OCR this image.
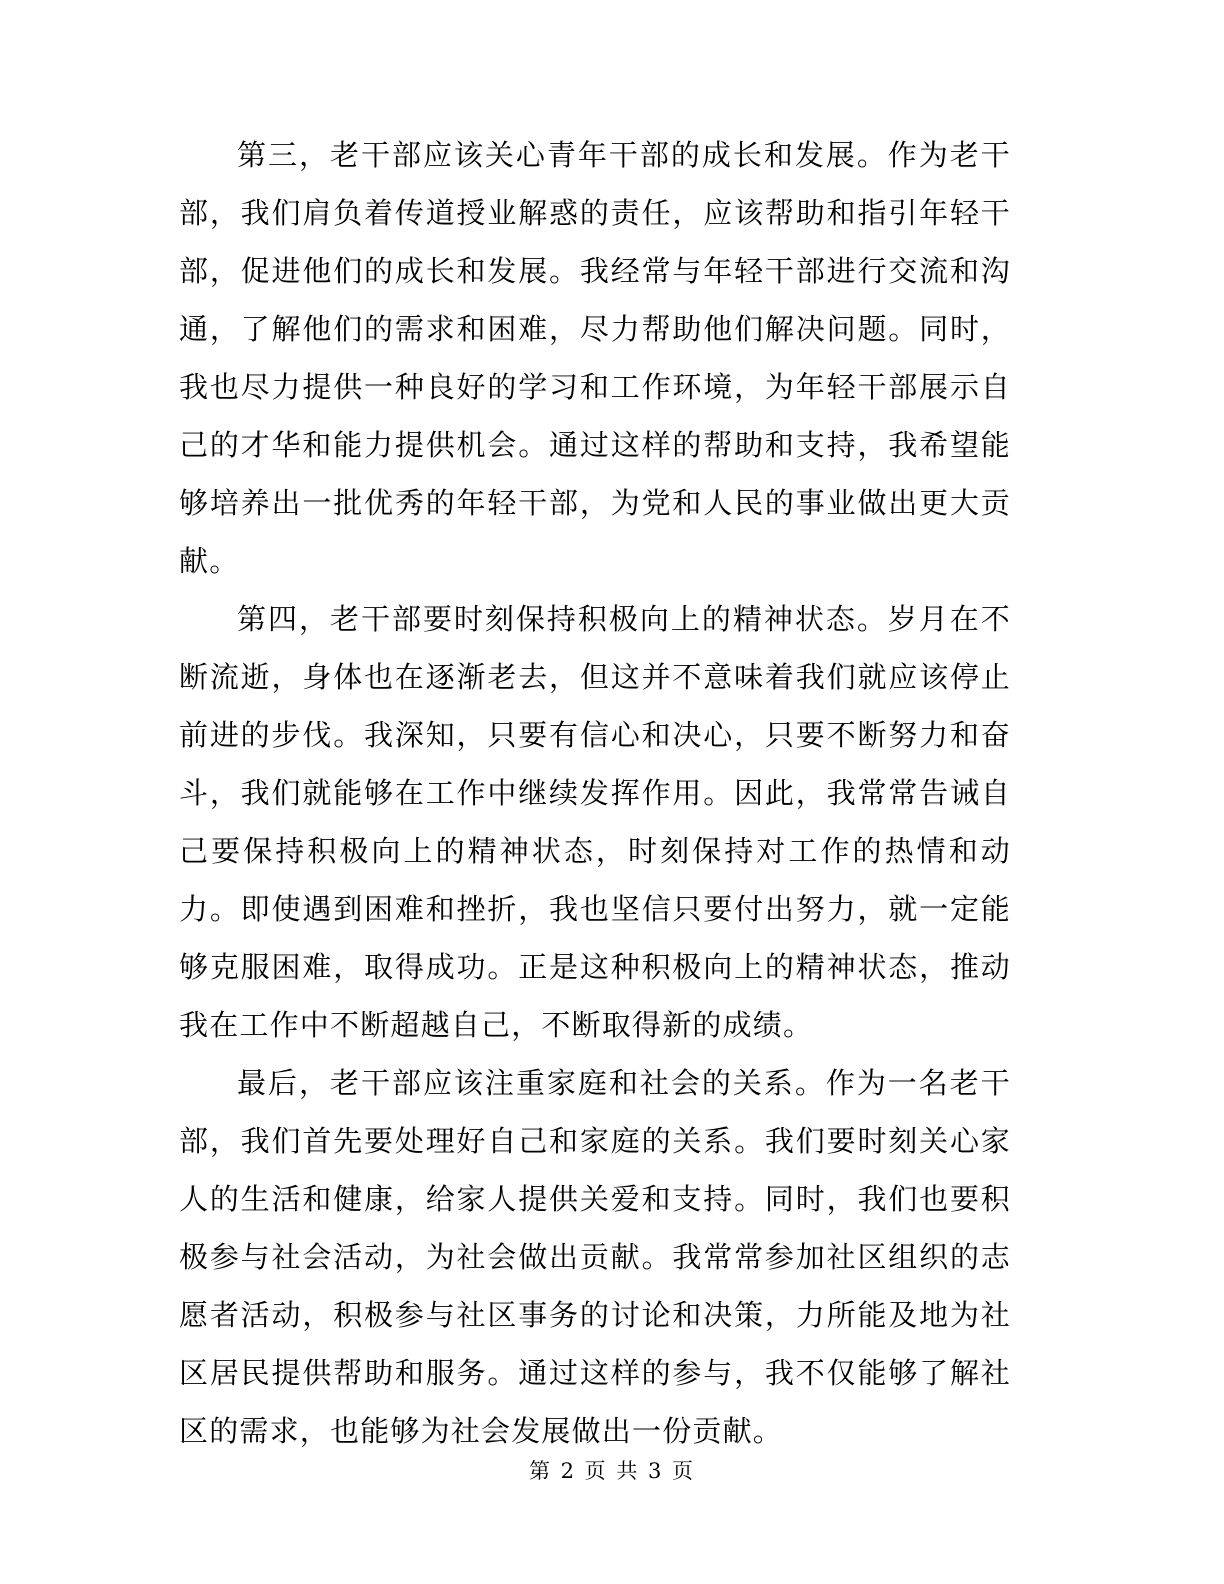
第三，老干部应该关心青年干部的成长和发展。作为老干部，我们肩负着传道授业解惑的责任，应该帮助和指引年轻干部，促进他们的成长和发展。我经常与年轻干部进行交流和沟通，了解他们的需求和困难，尽力帮助他们解决问题。同时，我也尽力提供一种良好的学习和工作环境，为年轻干部展示自己的才华和能力提供机会。通过这样的帮助和支持，我希望能够培养出一批优秀的年轻干部，为党和人民的事业做出更大贡献。

第四，老干部要时刻保持积极向上的精神状态。岁月在不断流逝，身体也在逐渐老去，但这并不意味着我们就应该停止前进的步伐。我深知，只要有信心和决心，只要不断努力和奋斗，我们就能够在工作中继续发挥作用。因此，我常常告诫自己要保持积极向上的精神状态，时刻保持对工作的热情和动力。即使遇到困难和挫折，我也坚信只要付出努力，就一定能够克服困难，取得成功。正是这种积极向上的精神状态，推动我在工作中不断超越自己，不断取得新的成绩。

最后，老干部应该注重家庭和社会的关系。作为一名老干部，我们首先要处理好自己和家庭的关系。我们要时刻关心家人的生活和健康，给家人提供关爱和支持。同时，我们也要积极参与社会活动，为社会做出贡献。我常常参加社区组织的志愿者活动，积极参与社区事务的讨论和决策，力所能及地为社区居民提供帮助和服务。通过这样的参与，我不仅能够了解社区的需求，也能够为社会发展做出一份贡献。

第 2 页 共 3 页
